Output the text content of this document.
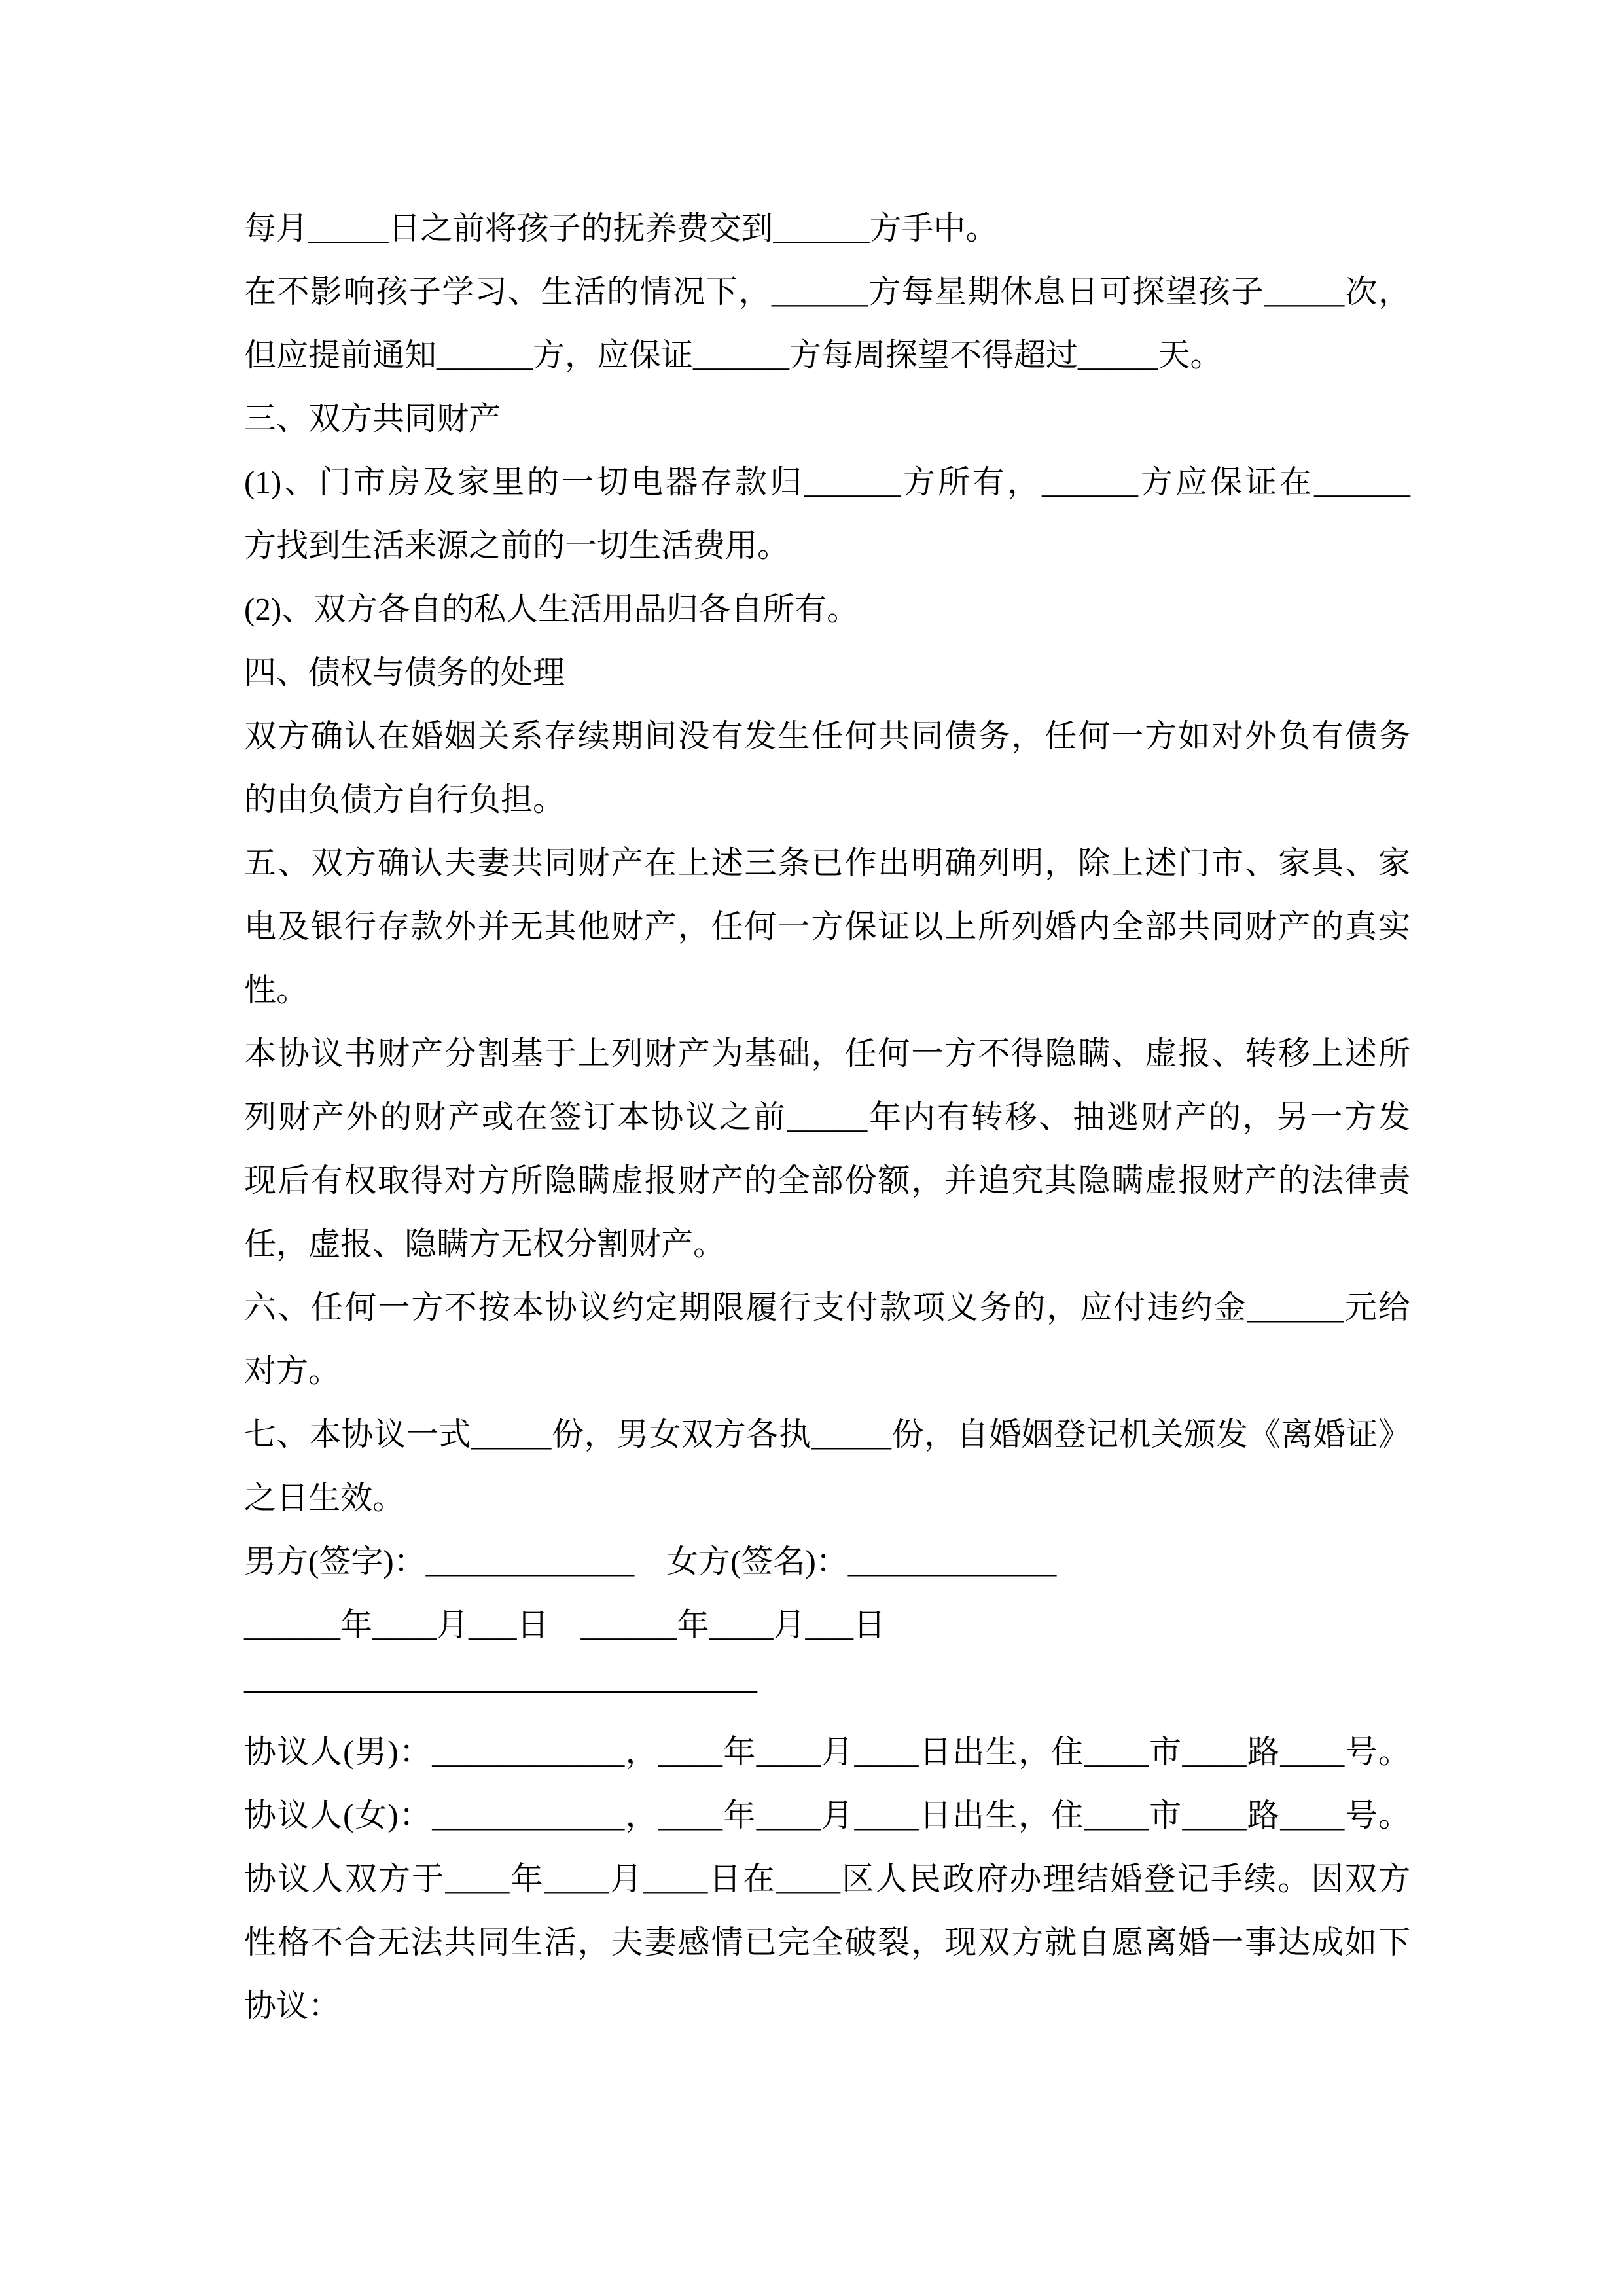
每月_____日之前将孩子的抚养费交到______方手中。
在不影响孩子学习、生活的情况下，______方每星期休息日可探望孩子_____次，
但应提前通知______方，应保证______方每周探望不得超过_____天。
三、双方共同财产
(1)、门市房及家里的一切电器存款归______方所有，______方应保证在______
方找到生活来源之前的一切生活费用。
(2)、双方各自的私人生活用品归各自所有。
四、债权与债务的处理
双方确认在婚姻关系存续期间没有发生任何共同债务，任何一方如对外负有债务
的由负债方自行负担。
五、双方确认夫妻共同财产在上述三条已作出明确列明，除上述门市、家具、家
电及银行存款外并无其他财产，任何一方保证以上所列婚内全部共同财产的真实
性。
本协议书财产分割基于上列财产为基础，任何一方不得隐瞒、虚报、转移上述所
列财产外的财产或在签订本协议之前_____年内有转移、抽逃财产的，另一方发
现后有权取得对方所隐瞒虚报财产的全部份额，并追究其隐瞒虚报财产的法律责
任，虚报、隐瞒方无权分割财产。
六、任何一方不按本协议约定期限履行支付款项义务的，应付违约金______元给
对方。
七、本协议一式_____份，男女双方各执_____份，自婚姻登记机关颁发《离婚证》
之日生效。
男方(签字)：_____________　女方(签名)：_____________
______年____月___日　______年____月___日
————————————————
协议人(男)：____________，____年____月____日出生，住____市____路____号。
协议人(女)：____________，____年____月____日出生，住____市____路____号。
协议人双方于____年____月____日在____区人民政府办理结婚登记手续。因双方
性格不合无法共同生活，夫妻感情已完全破裂，现双方就自愿离婚一事达成如下
协议：
